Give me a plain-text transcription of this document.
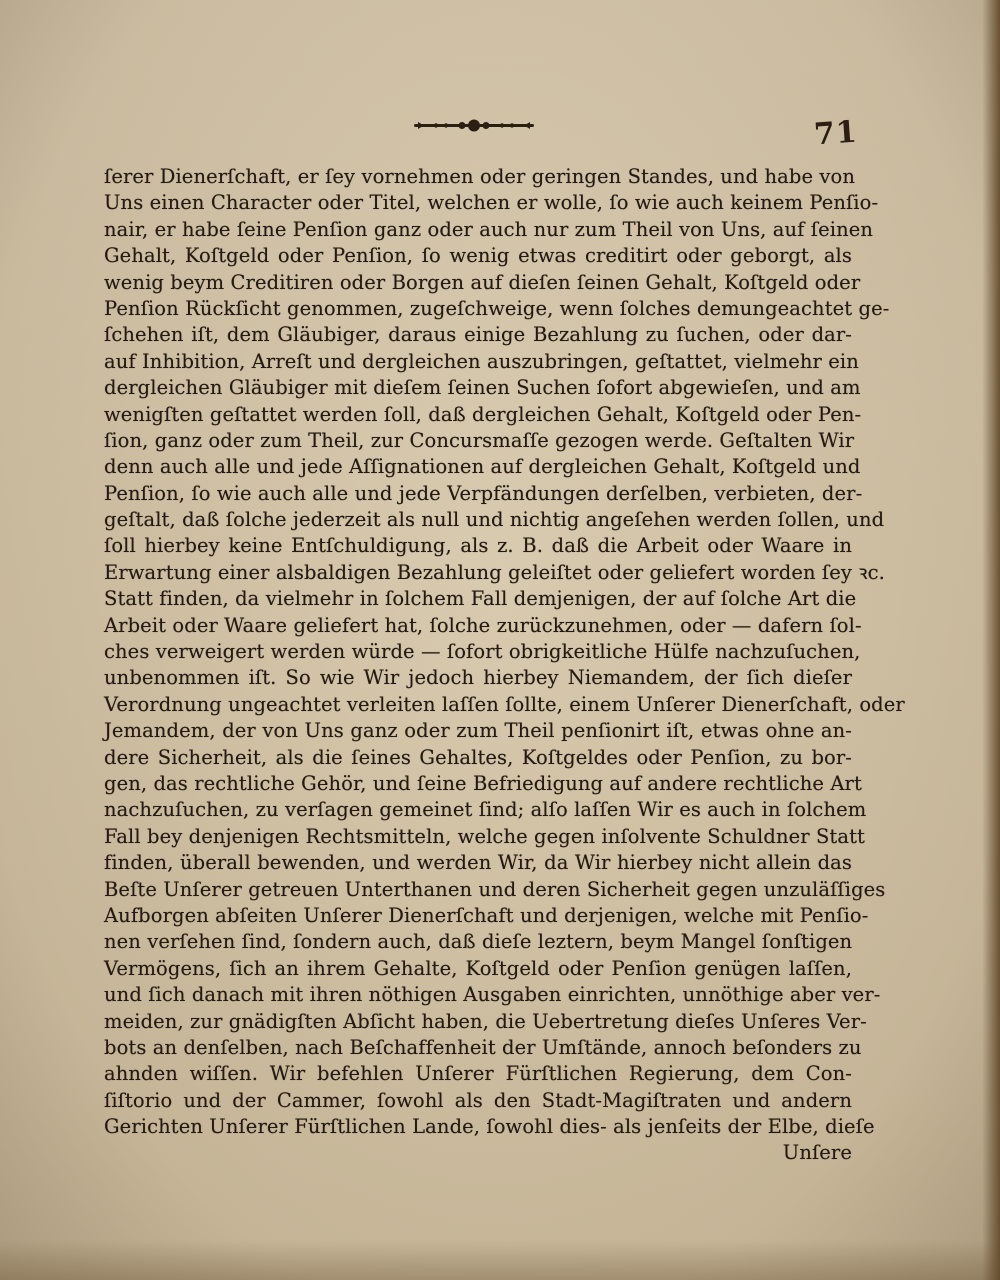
71
ſerer Dienerſchaft, er ſey vornehmen oder geringen Standes, und habe von
Uns einen Character oder Titel, welchen er wolle, ſo wie auch keinem Penſio-
nair, er habe ſeine Penſion ganz oder auch nur zum Theil von Uns, auf ſeinen
Gehalt, Koſtgeld oder Penſion, ſo wenig etwas creditirt oder geborgt, als
wenig beym Creditiren oder Borgen auf dieſen ſeinen Gehalt, Koſtgeld oder
Penſion Rückſicht genommen, zugeſchweige, wenn ſolches demungeachtet ge-
ſchehen iſt, dem Gläubiger, daraus einige Bezahlung zu ſuchen, oder dar-
auf Inhibition, Arreſt und dergleichen auszubringen, geſtattet, vielmehr ein
dergleichen Gläubiger mit dieſem ſeinen Suchen ſofort abgewieſen, und am
wenigſten geſtattet werden ſoll, daß dergleichen Gehalt, Koſtgeld oder Pen-
ſion, ganz oder zum Theil, zur Concursmaſſe gezogen werde. Geſtalten Wir
denn auch alle und jede Aſſignationen auf dergleichen Gehalt, Koſtgeld und
Penſion, ſo wie auch alle und jede Verpfändungen derſelben, verbieten, der-
geſtalt, daß ſolche jederzeit als null und nichtig angeſehen werden ſollen, und
ſoll hierbey keine Entſchuldigung, als z. B. daß die Arbeit oder Waare in
Erwartung einer alsbaldigen Bezahlung geleiſtet oder geliefert worden ſey ꝛc.
Statt finden, da vielmehr in ſolchem Fall demjenigen, der auf ſolche Art die
Arbeit oder Waare geliefert hat, ſolche zurückzunehmen, oder — dafern ſol-
ches verweigert werden würde — ſofort obrigkeitliche Hülfe nachzuſuchen,
unbenommen iſt. So wie Wir jedoch hierbey Niemandem, der ſich dieſer
Verordnung ungeachtet verleiten laſſen ſollte, einem Unſerer Dienerſchaft, oder
Jemandem, der von Uns ganz oder zum Theil penſionirt iſt, etwas ohne an-
dere Sicherheit, als die ſeines Gehaltes, Koſtgeldes oder Penſion, zu bor-
gen, das rechtliche Gehör, und ſeine Befriedigung auf andere rechtliche Art
nachzuſuchen, zu verſagen gemeinet ſind; alſo laſſen Wir es auch in ſolchem
Fall bey denjenigen Rechtsmitteln, welche gegen inſolvente Schuldner Statt
finden, überall bewenden, und werden Wir, da Wir hierbey nicht allein das
Beſte Unſerer getreuen Unterthanen und deren Sicherheit gegen unzuläſſiges
Aufborgen abſeiten Unſerer Dienerſchaft und derjenigen, welche mit Penſio-
nen verſehen ſind, ſondern auch, daß dieſe leztern, beym Mangel ſonſtigen
Vermögens, ſich an ihrem Gehalte, Koſtgeld oder Penſion genügen laſſen,
und ſich danach mit ihren nöthigen Ausgaben einrichten, unnöthige aber ver-
meiden, zur gnädigſten Abſicht haben, die Uebertretung dieſes Unſeres Ver-
bots an denſelben, nach Beſchaffenheit der Umſtände, annoch beſonders zu
ahnden wiſſen. Wir befehlen Unſerer Fürſtlichen Regierung, dem Con-
ſiſtorio und der Cammer, ſowohl als den Stadt-Magiſtraten und andern
Gerichten Unſerer Fürſtlichen Lande, ſowohl dies- als jenſeits der Elbe, dieſe
Unſere
